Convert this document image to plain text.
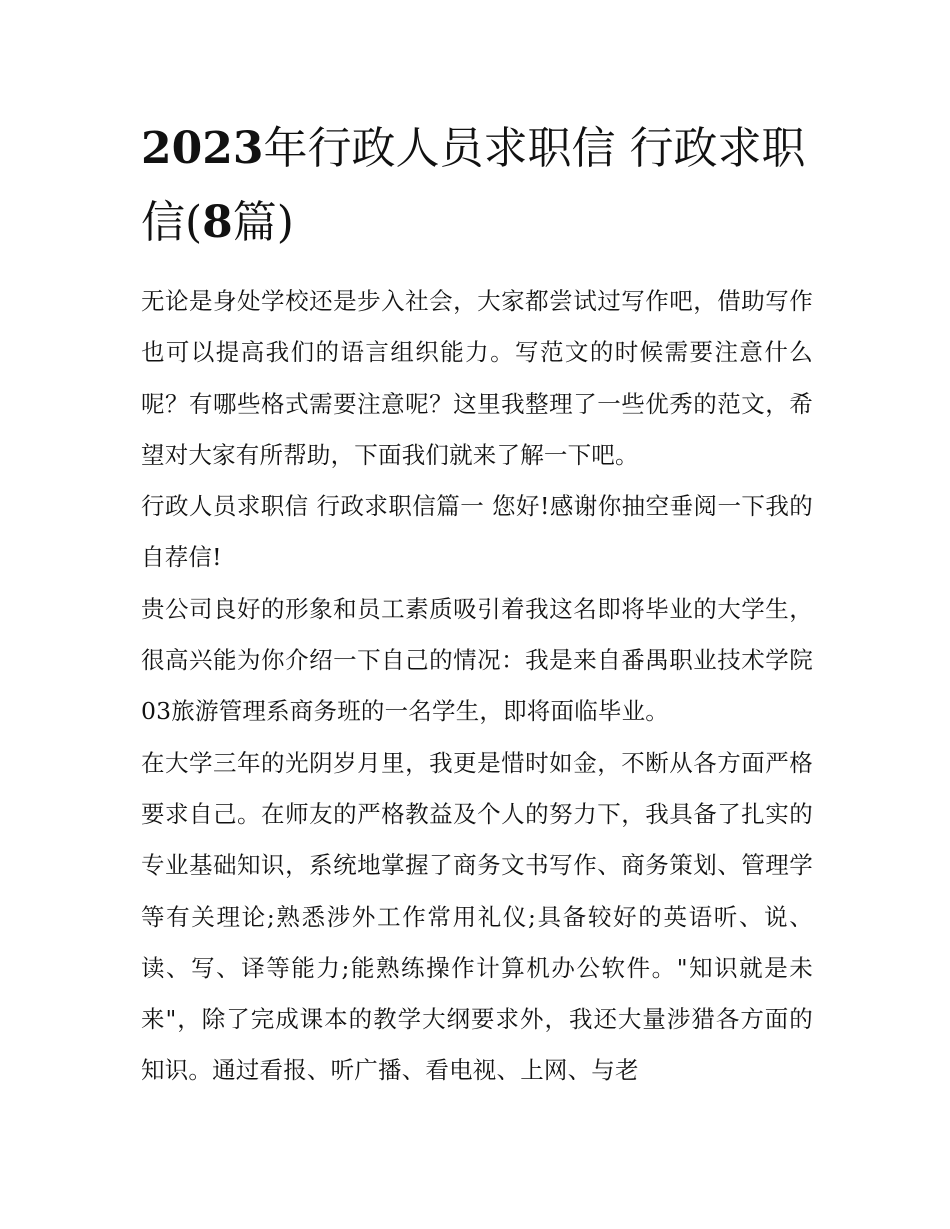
2023年行政人员求职信 行政求职信(8篇)

无论是身处学校还是步入社会，大家都尝试过写作吧，借助写作也可以提高我们的语言组织能力。写范文的时候需要注意什么呢？有哪些格式需要注意呢？这里我整理了一些优秀的范文，希望对大家有所帮助，下面我们就来了解一下吧。

行政人员求职信 行政求职信篇一 您好!感谢你抽空垂阅一下我的自荐信!

贵公司良好的形象和员工素质吸引着我这名即将毕业的大学生，很高兴能为你介绍一下自己的情况：我是来自番禺职业技术学院03旅游管理系商务班的一名学生，即将面临毕业。

在大学三年的光阴岁月里，我更是惜时如金，不断从各方面严格要求自己。在师友的严格教益及个人的努力下，我具备了扎实的专业基础知识，系统地掌握了商务文书写作、商务策划、管理学等有关理论;熟悉涉外工作常用礼仪;具备较好的英语听、说、读、写、译等能力;能熟练操作计算机办公软件。"知识就是未来"，除了完成课本的教学大纲要求外，我还大量涉猎各方面的知识。通过看报、听广播、看电视、上网、与老
